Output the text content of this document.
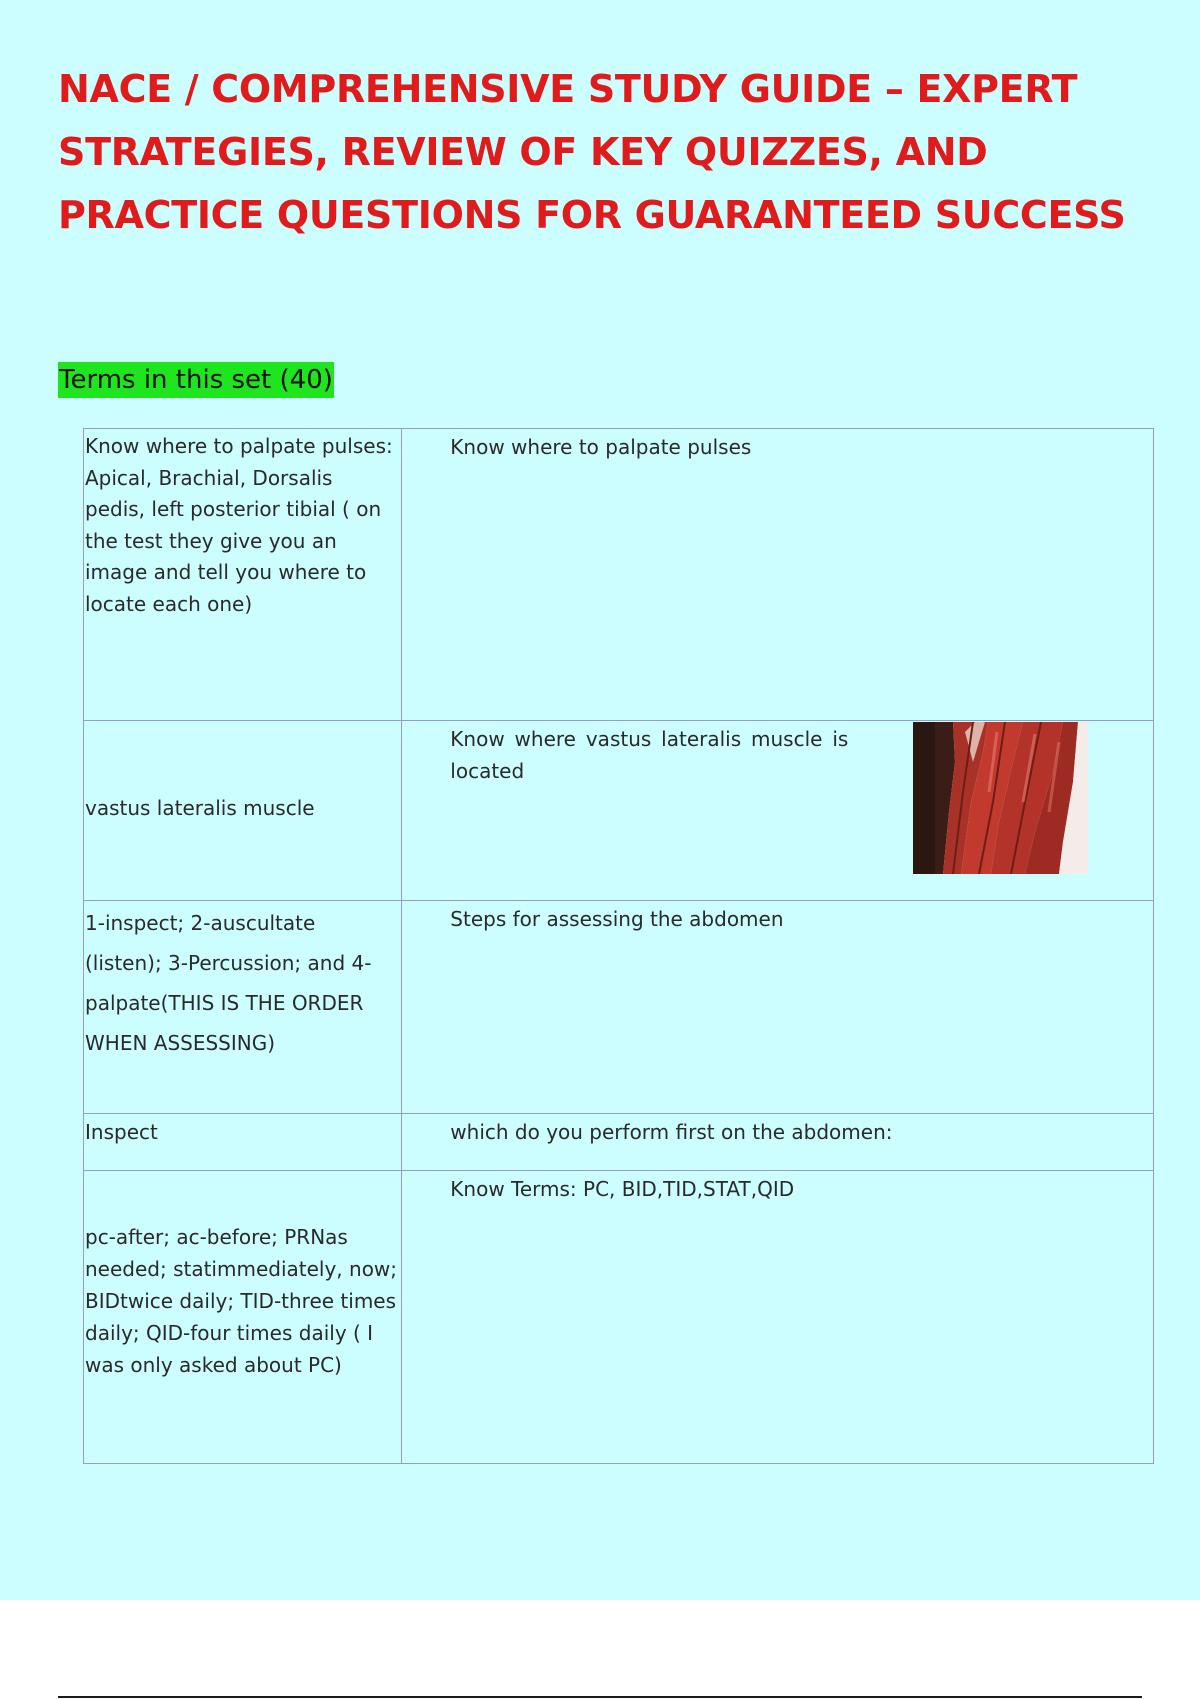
NACE / COMPREHENSIVE STUDY GUIDE – EXPERT STRATEGIES, REVIEW OF KEY QUIZZES, AND PRACTICE QUESTIONS FOR GUARANTEED SUCCESS
Terms in this set (40)
Know where to palpate pulses: Apical, Brachial, Dorsalis pedis, left posterior tibial ( on the test they give you an image and tell you where to locate each one)	Know where to palpate pulses
vastus lateralis muscle	Know where vastus lateralis muscle is located

1-inspect; 2-auscultate (listen); 3-Percussion; and 4-palpate(THIS IS THE ORDER WHEN ASSESSING)	Steps for assessing the abdomen
Inspect	which do you perform first on the abdomen:
pc-after; ac-before; PRNas needed; statimmediately, now; BIDtwice daily; TID-three times daily; QID-four times daily ( I was only asked about PC)	Know Terms: PC, BID,TID,STAT,QID
